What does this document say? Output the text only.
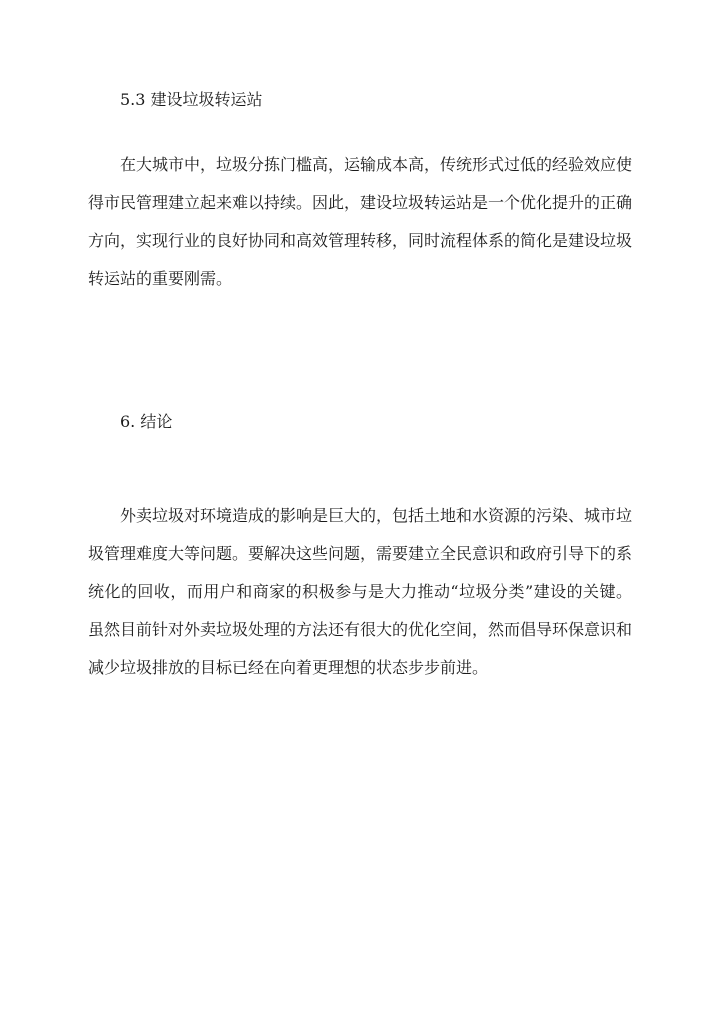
5.3 建设垃圾转运站

在大城市中，垃圾分拣门槛高，运输成本高，传统形式过低的经验效应使得市民管理建立起来难以持续。因此，建设垃圾转运站是一个优化提升的正确方向，实现行业的良好协同和高效管理转移，同时流程体系的简化是建设垃圾转运站的重要刚需。

6. 结论

外卖垃圾对环境造成的影响是巨大的，包括土地和水资源的污染、城市垃圾管理难度大等问题。要解决这些问题，需要建立全民意识和政府引导下的系统化的回收，而用户和商家的积极参与是大力推动“垃圾分类”建设的关键。虽然目前针对外卖垃圾处理的方法还有很大的优化空间，然而倡导环保意识和减少垃圾排放的目标已经在向着更理想的状态步步前进。
